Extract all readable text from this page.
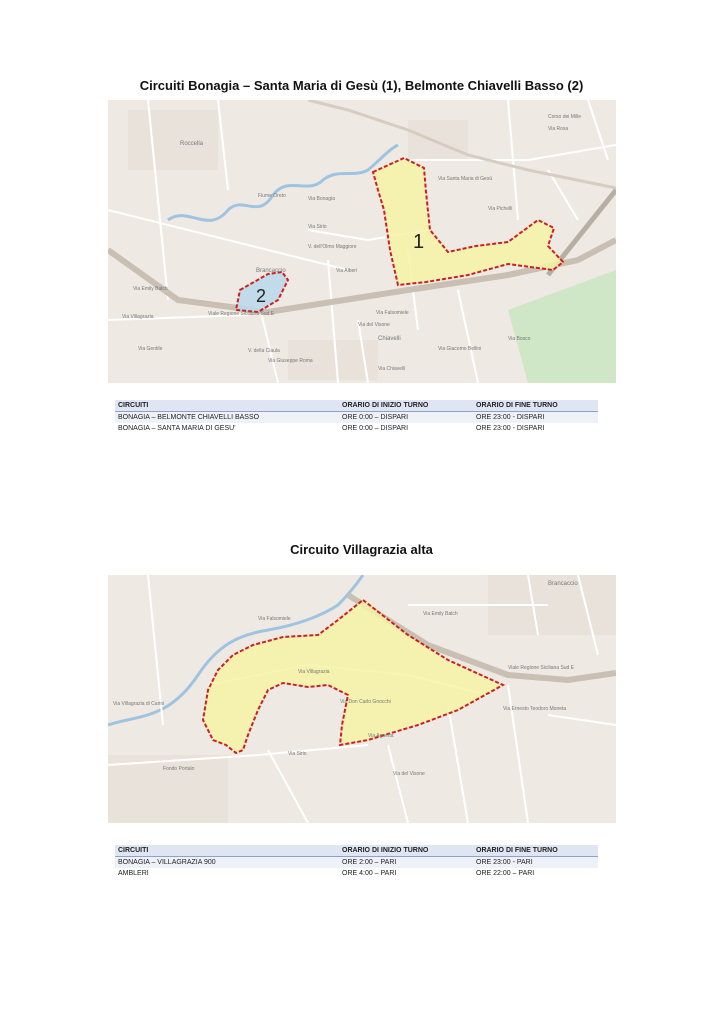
Circuiti Bonagia – Santa Maria di Gesù (1), Belmonte Chiavelli Basso (2)
1
2
Roccella
Brancaccio
Chiavelli
Fiume Oreto
Via Emily Balch
Via Villagrazia	Viale Regione Siciliana Sud E
V. dell'Olmo Maggiore
Via Alberi
Via Sirio
Via Bonagia
Via del Visone
Via Falsomiele
Via Pichelli
Via Giuseppe Roma
Via Bosco
Via Gentile	Via Giacomo Bellini
Via Chiavelli
Via Rosa
V. della Ciaula
Via Santa Maria di Gesù
Corso dei Mille
CIRCUITI	ORARIO DI INIZIO TURNO	ORARIO DI FINE TURNO
BONAGIA – BELMONTE CHIAVELLI BASSO	ORE 0:00 – DISPARI	ORE 23:00 - DISPARI
BONAGIA – SANTA MARIA DI GESU’	ORE 0:00 – DISPARI	ORE 23:00 - DISPARI
Circuito Villagrazia alta
Brancaccio
Via Emily Balch
Via Villagrazia
Viale Regione Siciliana Sud E
Via Agnetta
Via Don Carlo Gnocchi
Via del Visone
Via Falsomiele
Via Sirio
Via Ernesto Teodoro Moneta
Fondo Portalo
Via Villagrazia di Carini
CIRCUITI	ORARIO DI INIZIO TURNO	ORARIO DI FINE TURNO
BONAGIA – VILLAGRAZIA 900	ORE 2:00 – PARI	ORE 23:00 - PARI
AMBLERI	ORE 4:00 – PARI	ORE 22:00 – PARI
